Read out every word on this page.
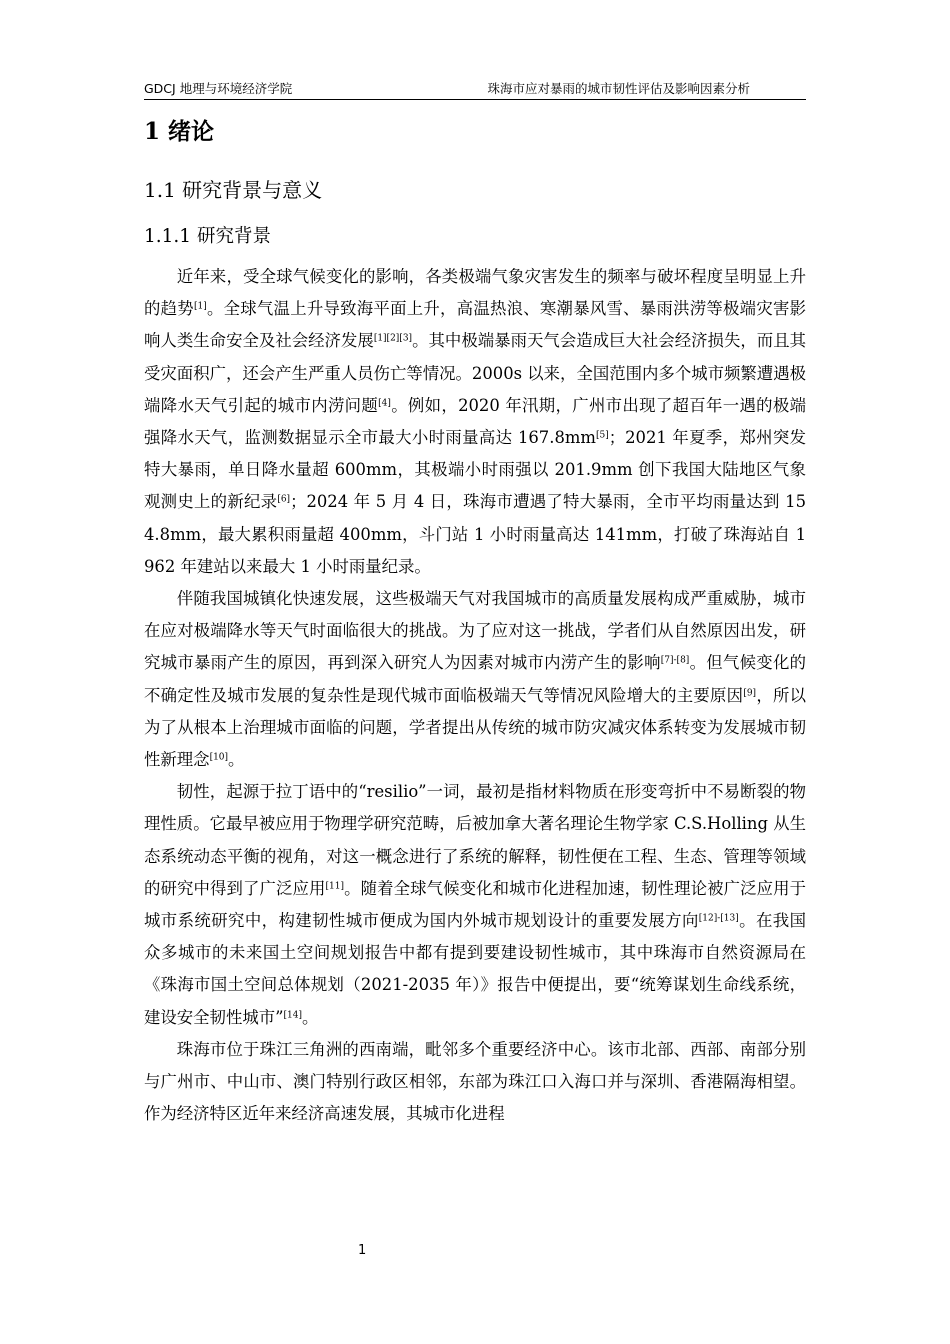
GDCJ 地理与环境经济学院	珠海市应对暴雨的城市韧性评估及影响因素分析
1 绪论
1.1 研究背景与意义
1.1.1 研究背景

近年来，受全球气候变化的影响，各类极端气象灾害发生的频率与破坏程度呈明显上升的趋势[1]。全球气温上升导致海平面上升，高温热浪、寒潮暴风雪、暴雨洪涝等极端灾害影响人类生命安全及社会经济发展[1][2][3]。其中极端暴雨天气会造成巨大社会经济损失，而且其受灾面积广，还会产生严重人员伤亡等情况。2000s 以来，全国范围内多个城市频繁遭遇极端降水天气引起的城市内涝问题[4]。例如，2020 年汛期，广州市出现了超百年一遇的极端强降水天气，监测数据显示全市最大小时雨量高达 167.8mm[5]；2021 年夏季，郑州突发特大暴雨，单日降水量超 600mm，其极端小时雨强以 201.9mm 创下我国大陆地区气象观测史上的新纪录[6]；2024 年 5 月 4 日，珠海市遭遇了特大暴雨，全市平均雨量达到 154.8mm，最大累积雨量超 400mm，斗门站 1 小时雨量高达 141mm，打破了珠海站自 1962 年建站以来最大 1 小时雨量纪录。

伴随我国城镇化快速发展，这些极端天气对我国城市的高质量发展构成严重威胁，城市在应对极端降水等天气时面临很大的挑战。为了应对这一挑战，学者们从自然原因出发，研究城市暴雨产生的原因，再到深入研究人为因素对城市内涝产生的影响[7]-[8]。但气候变化的不确定性及城市发展的复杂性是现代城市面临极端天气等情况风险增大的主要原因[9]，所以为了从根本上治理城市面临的问题，学者提出从传统的城市防灾减灾体系转变为发展城市韧性新理念[10]。

韧性，起源于拉丁语中的“resilio”一词，最初是指材料物质在形变弯折中不易断裂的物理性质。它最早被应用于物理学研究范畴，后被加拿大著名理论生物学家 C.S.Holling 从生态系统动态平衡的视角，对这一概念进行了系统的解释，韧性便在工程、生态、管理等领域的研究中得到了广泛应用[11]。随着全球气候变化和城市化进程加速，韧性理论被广泛应用于城市系统研究中，构建韧性城市便成为国内外城市规划设计的重要发展方向[12]-[13]。在我国众多城市的未来国土空间规划报告中都有提到要建设韧性城市，其中珠海市自然资源局在《珠海市国土空间总体规划（2021-2035 年）》报告中便提出，要“统筹谋划生命线系统，建设安全韧性城市”[14]。

珠海市位于珠江三角洲的西南端，毗邻多个重要经济中心。该市北部、西部、南部分别与广州市、中山市、澳门特别行政区相邻，东部为珠江口入海口并与深圳、香港隔海相望。作为经济特区近年来经济高速发展，其城市化进程

1
